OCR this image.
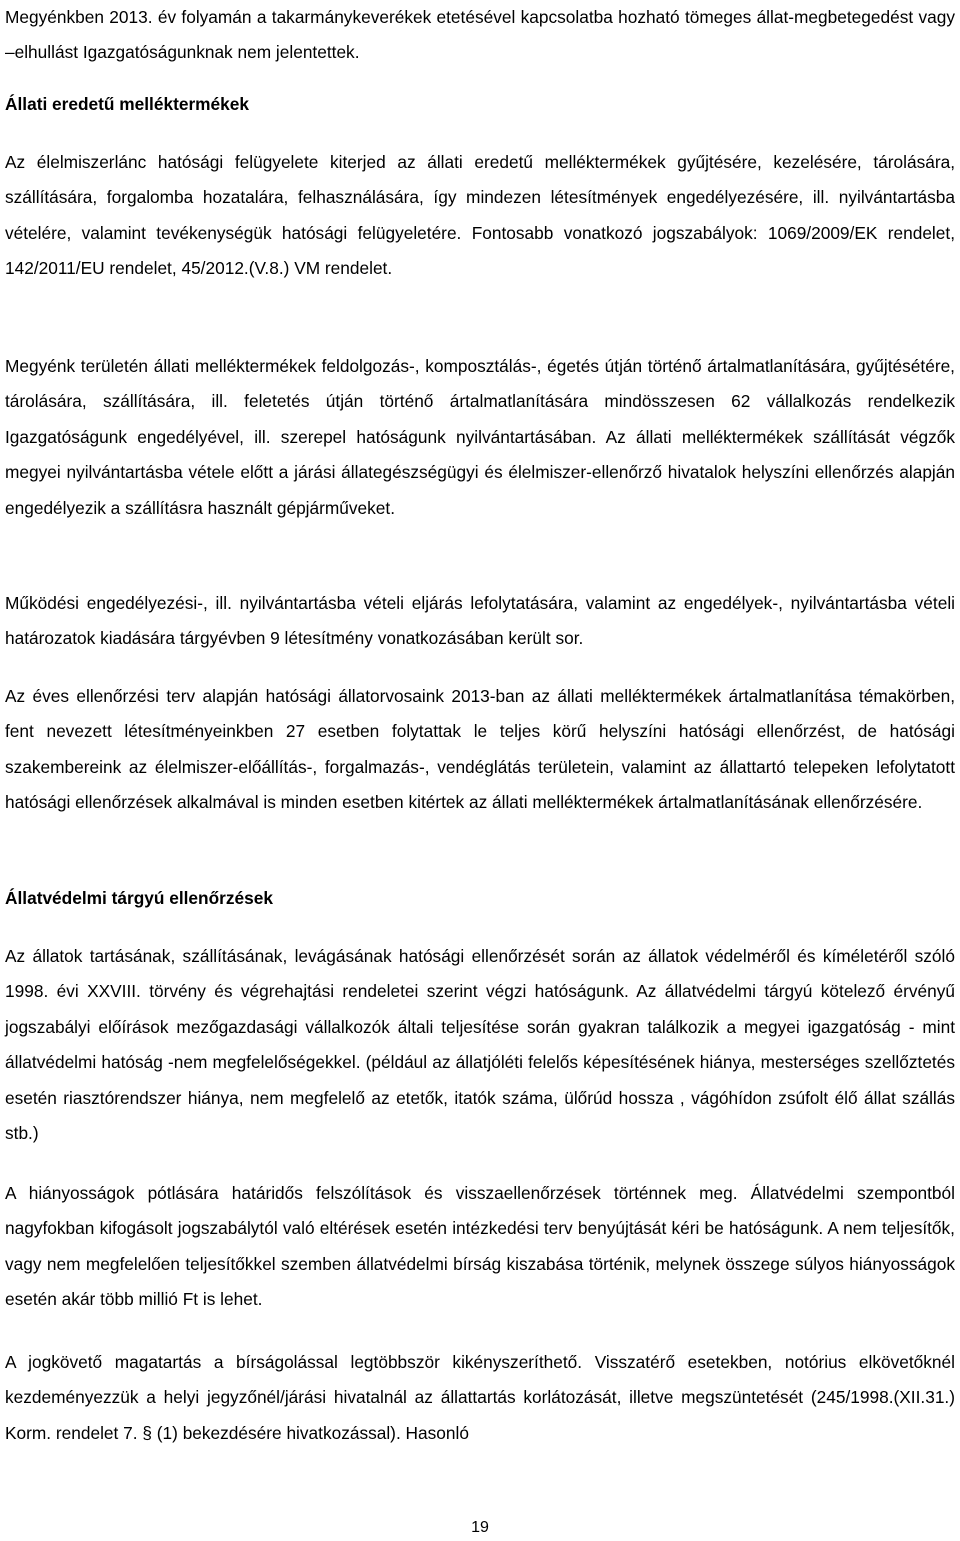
Megyénkben 2013. év folyamán a takarmánykeverékek etetésével kapcsolatba hozható tömeges állat-megbetegedést vagy –elhullást Igazgatóságunknak nem jelentettek.

Állati eredetű melléktermékek

Az élelmiszerlánc hatósági felügyelete kiterjed az állati eredetű melléktermékek gyűjtésére, kezelésére, tárolására, szállítására, forgalomba hozatalára, felhasználására, így mindezen létesítmények engedélyezésére, ill. nyilvántartásba vételére, valamint tevékenységük hatósági felügyeletére. Fontosabb vonatkozó jogszabályok: 1069/2009/EK rendelet, 142/2011/EU rendelet, 45/2012.(V.8.) VM rendelet.

Megyénk területén állati melléktermékek feldolgozás-, komposztálás-, égetés útján történő ártalmatlanítására, gyűjtésétére, tárolására, szállítására, ill. feletetés útján történő ártalmatlanítására mindösszesen 62 vállalkozás rendelkezik Igazgatóságunk engedélyével, ill. szerepel hatóságunk nyilvántartásában. Az állati melléktermékek szállítását végzők megyei nyilvántartásba vétele előtt a járási állategészségügyi és élelmiszer-ellenőrző hivatalok helyszíni ellenőrzés alapján engedélyezik a szállításra használt gépjárműveket.

Működési engedélyezési-, ill. nyilvántartásba vételi eljárás lefolytatására, valamint az engedélyek-, nyilvántartásba vételi határozatok kiadására tárgyévben 9 létesítmény vonatkozásában került sor.

Az éves ellenőrzési terv alapján hatósági állatorvosaink 2013-ban az állati melléktermékek ártalmatlanítása témakörben, fent nevezett létesítményeinkben 27 esetben folytattak le teljes körű helyszíni hatósági ellenőrzést, de hatósági szakembereink az élelmiszer-előállítás-, forgalmazás-, vendéglátás területein, valamint az állattartó telepeken lefolytatott hatósági ellenőrzések alkalmával is minden esetben kitértek az állati melléktermékek ártalmatlanításának ellenőrzésére.

Állatvédelmi tárgyú ellenőrzések

Az állatok tartásának, szállításának, levágásának hatósági ellenőrzését során az állatok védelméről és kíméletéről szóló 1998. évi XXVIII. törvény és végrehajtási rendeletei szerint végzi hatóságunk. Az állatvédelmi tárgyú kötelező érvényű jogszabályi előírások mezőgazdasági vállalkozók általi teljesítése során gyakran találkozik a megyei igazgatóság - mint állatvédelmi hatóság -nem megfelelőségekkel. (például az állatjóléti felelős képesítésének hiánya, mesterséges szellőztetés esetén riasztórendszer hiánya, nem megfelelő az etetők, itatók száma, ülőrúd hossza , vágóhídon zsúfolt élő állat szállás stb.)

A hiányosságok pótlására határidős felszólítások és visszaellenőrzések történnek meg. Állatvédelmi szempontból nagyfokban kifogásolt jogszabálytól való eltérések esetén intézkedési terv benyújtását kéri be hatóságunk. A nem teljesítők, vagy nem megfelelően teljesítőkkel szemben állatvédelmi bírság kiszabása történik, melynek összege súlyos hiányosságok esetén akár több millió Ft is lehet.

A jogkövető magatartás a bírságolással legtöbbször kikényszeríthető. Visszatérő esetekben, notórius elkövetőknél kezdeményezzük a helyi jegyzőnél/járási hivatalnál az állattartás korlátozását, illetve megszüntetését (245/1998.(XII.31.) Korm. rendelet 7. § (1) bekezdésére hivatkozással). Hasonló

19
